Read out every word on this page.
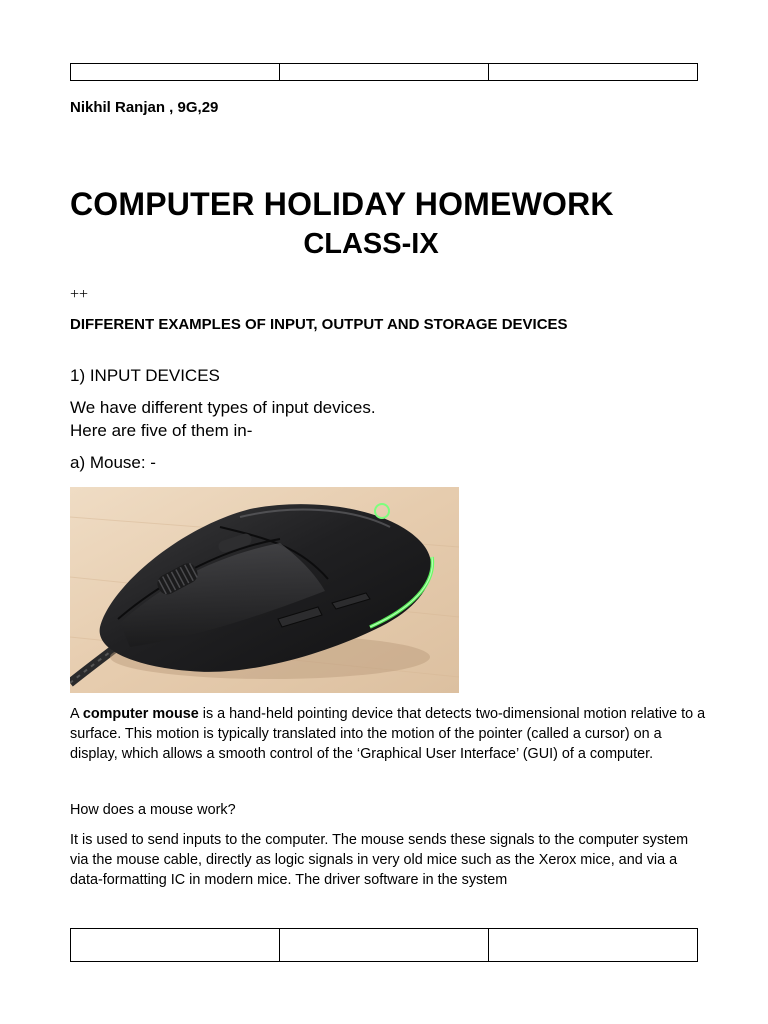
Nikhil Ranjan , 9G,29

COMPUTER HOLIDAY HOMEWORK
CLASS-IX

++

DIFFERENT EXAMPLES OF INPUT, OUTPUT AND STORAGE DEVICES

1) INPUT DEVICES

We have different types of input devices.

Here are five of them in-

a) Mouse: -

A computer mouse is a hand-held pointing device that detects two-dimensional motion relative to a surface. This motion is typically translated into the motion of the pointer (called a cursor) on a display, which allows a smooth control of the ‘Graphical User Interface’ (GUI) of a computer.

How does a mouse work?

It is used to send inputs to the computer. The mouse sends these signals to the computer system via the mouse cable, directly as logic signals in very old mice such as the Xerox mice, and via a data-formatting IC in modern mice. The driver software in the system
